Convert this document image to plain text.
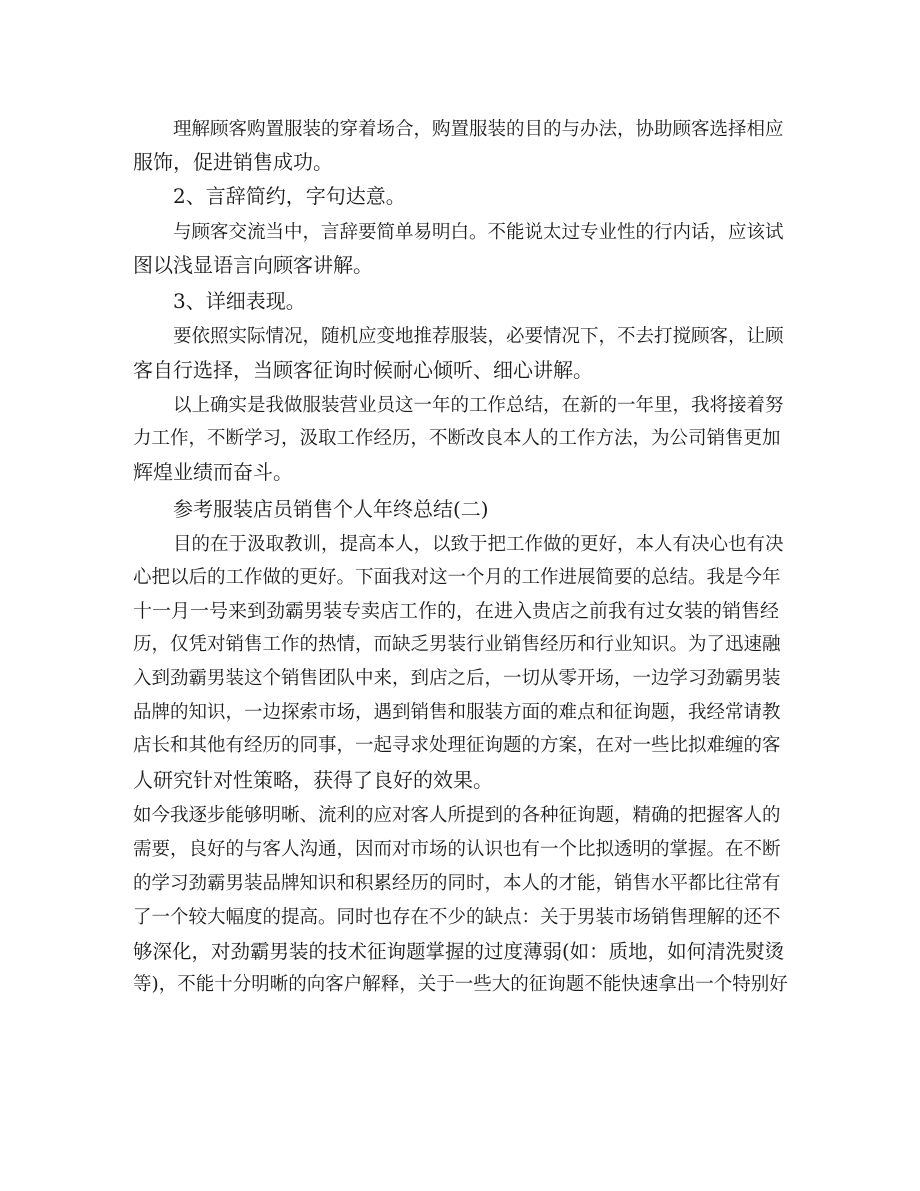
理解顾客购置服装的穿着场合，购置服装的目的与办法，协助顾客选择相应

服饰，促进销售成功。

2、言辞简约，字句达意。

与顾客交流当中，言辞要简单易明白。不能说太过专业性的行内话，应该试

图以浅显语言向顾客讲解。

3、详细表现。

要依照实际情况，随机应变地推荐服装，必要情况下，不去打搅顾客，让顾

客自行选择，当顾客征询时候耐心倾听、细心讲解。

以上确实是我做服装营业员这一年的工作总结，在新的一年里，我将接着努

力工作，不断学习，汲取工作经历，不断改良本人的工作方法，为公司销售更加

辉煌业绩而奋斗。

参考服装店员销售个人年终总结(二)

目的在于汲取教训，提高本人，以致于把工作做的更好，本人有决心也有决

心把以后的工作做的更好。下面我对这一个月的工作进展简要的总结。我是今年

十一月一号来到劲霸男装专卖店工作的，在进入贵店之前我有过女装的销售经

历，仅凭对销售工作的热情，而缺乏男装行业销售经历和行业知识。为了迅速融

入到劲霸男装这个销售团队中来，到店之后，一切从零开场，一边学习劲霸男装

品牌的知识，一边探索市场，遇到销售和服装方面的难点和征询题，我经常请教

店长和其他有经历的同事，一起寻求处理征询题的方案，在对一些比拟难缠的客

人研究针对性策略，获得了良好的效果。

如今我逐步能够明晰、流利的应对客人所提到的各种征询题，精确的把握客人的

需要，良好的与客人沟通，因而对市场的认识也有一个比拟透明的掌握。在不断

的学习劲霸男装品牌知识和积累经历的同时，本人的才能，销售水平都比往常有

了一个较大幅度的提高。同时也存在不少的缺点：关于男装市场销售理解的还不

够深化，对劲霸男装的技术征询题掌握的过度薄弱(如：质地，如何清洗熨烫

等)，不能十分明晰的向客户解释，关于一些大的征询题不能快速拿出一个特别好
